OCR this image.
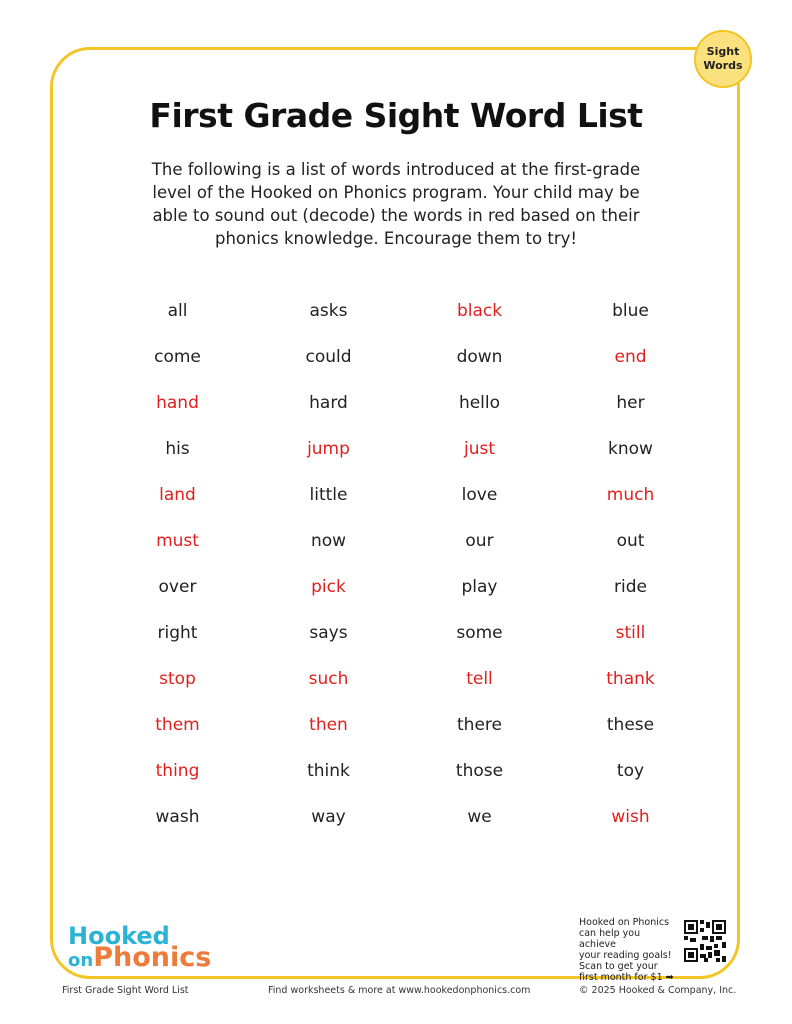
Sight
Words
First Grade Sight Word List
The following is a list of words introduced at the first-grade level of the Hooked on Phonics program. Your child may be able to sound out (decode) the words in red based on their phonics knowledge. Encourage them to try!
all	asks	black	blue
come	could	down	end
hand	hard	hello	her
his	jump	just	know
land	little	love	much
must	now	our	out
over	pick	play	ride
right	says	some	still
stop	such	tell	thank
them	then	there	these
thing	think	those	toy
wash	way	we	wish
Hooked
onPhonics
Hooked on Phonics
can help you achieve
your reading goals!
Scan to get your
first month for $1 ➡
First Grade Sight Word List	Find worksheets & more at www.hookedonphonics.com	© 2025 Hooked & Company, Inc.
